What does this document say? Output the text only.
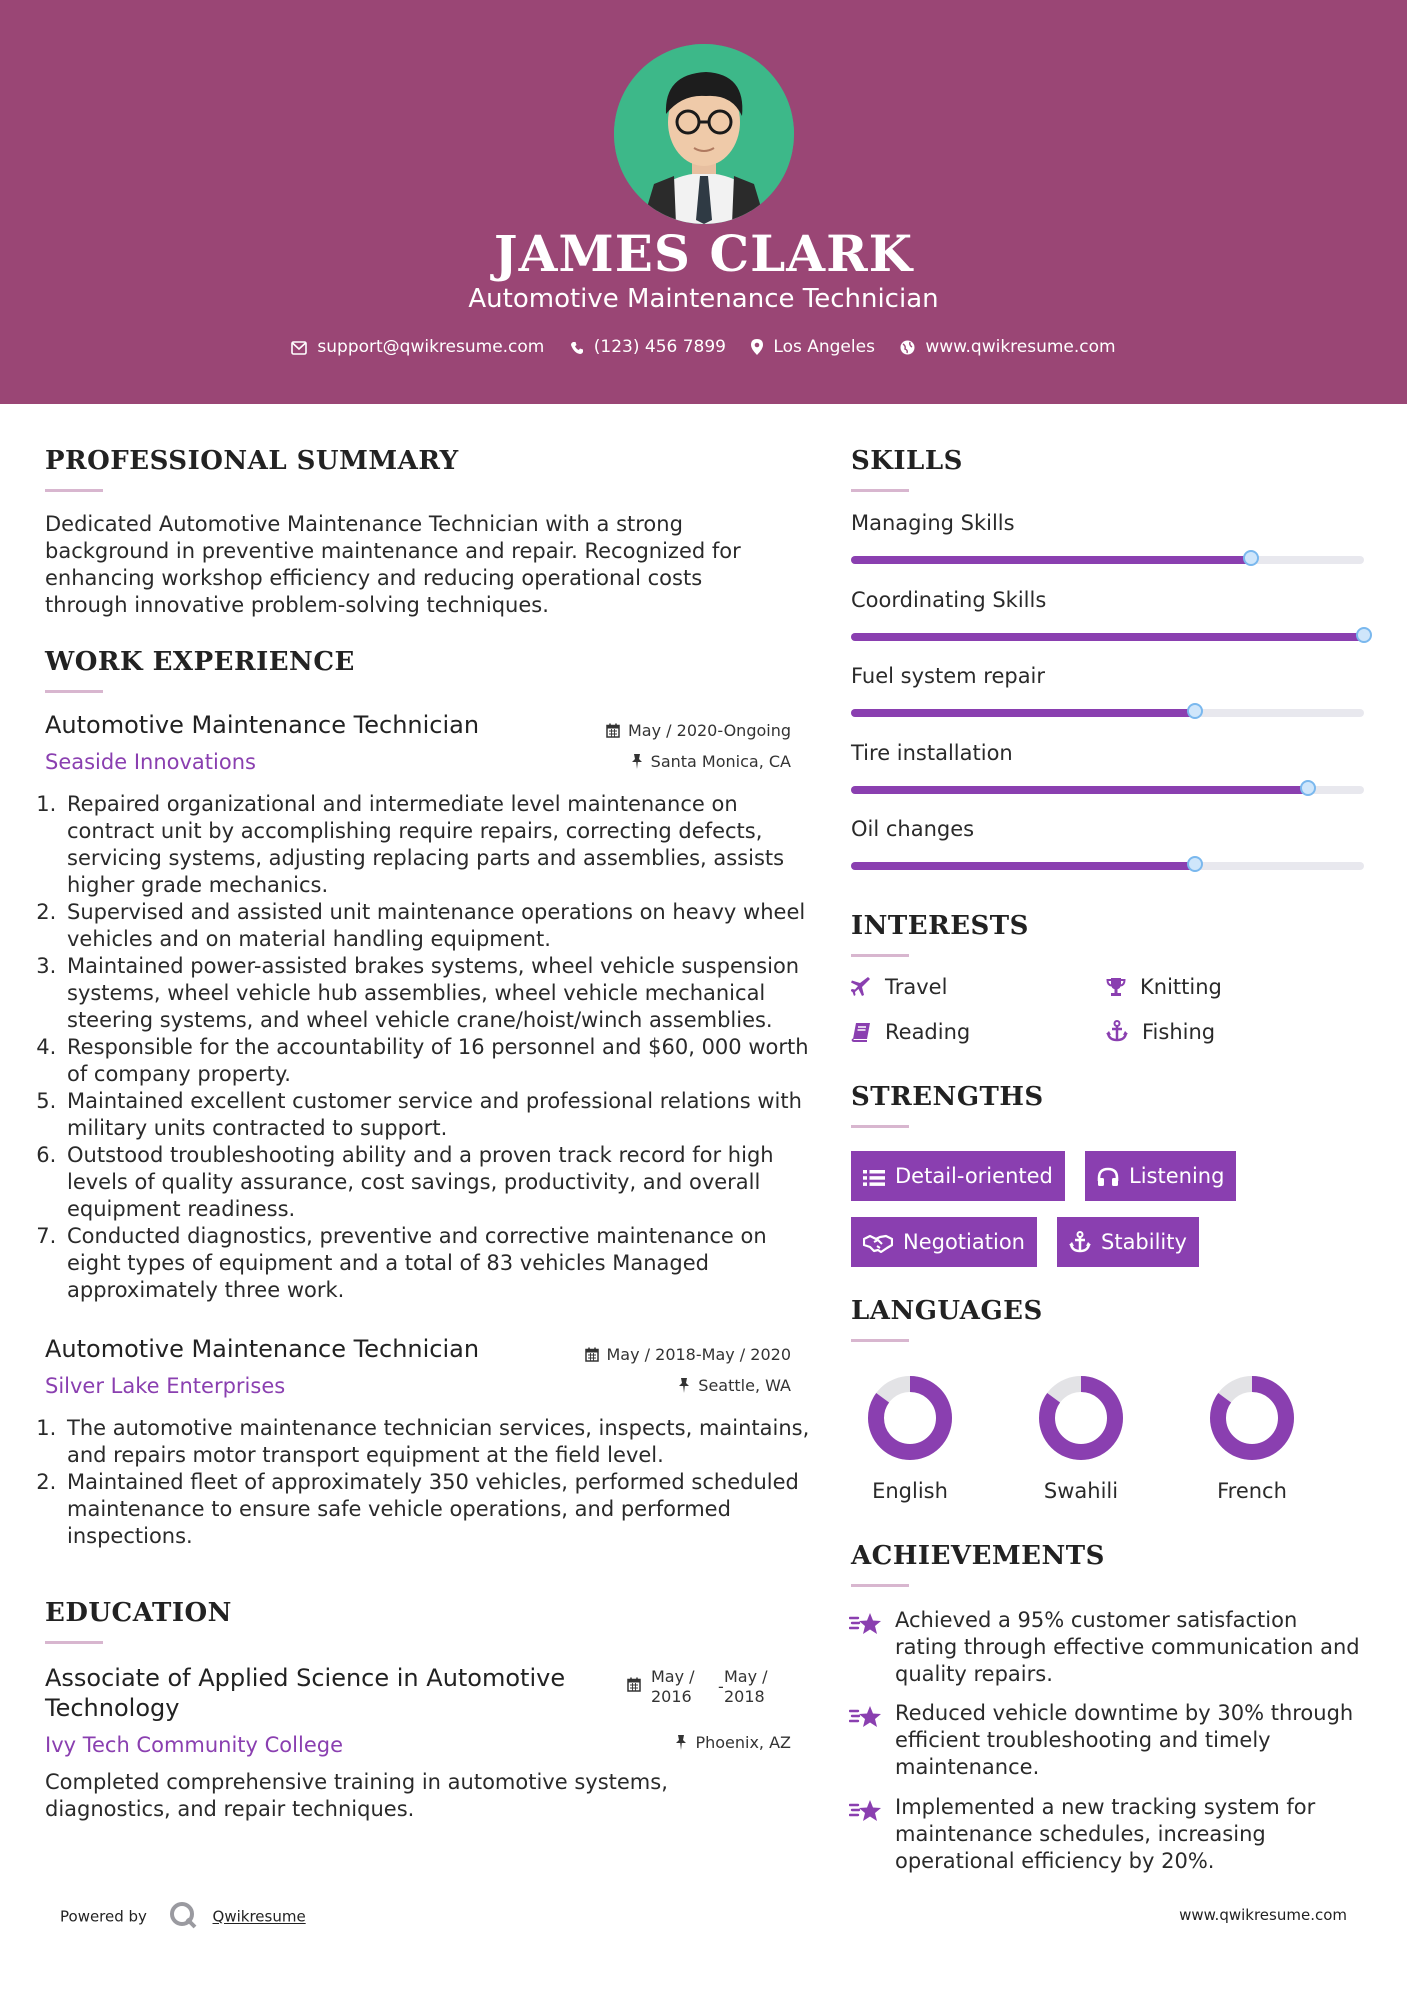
JAMES CLARK
Automotive Maintenance Technician
support@qwikresume.com	(123) 456 7899	Los Angeles	www.qwikresume.com
PROFESSIONAL SUMMARY
Dedicated Automotive Maintenance Technician with a strong background in preventive maintenance and repair. Recognized for enhancing workshop efficiency and reducing operational costs through innovative problem-solving techniques.
WORK EXPERIENCE
Automotive Maintenance Technician
Seaside Innovations
May / 2020-Ongoing
Santa Monica, CA
1. Repaired organizational and intermediate level maintenance on contract unit by accomplishing require repairs, correcting defects, servicing systems, adjusting replacing parts and assemblies, assists higher grade mechanics.
2. Supervised and assisted unit maintenance operations on heavy wheel vehicles and on material handling equipment.
3. Maintained power-assisted brakes systems, wheel vehicle suspension systems, wheel vehicle hub assemblies, wheel vehicle mechanical steering systems, and wheel vehicle crane/hoist/winch assemblies.
4. Responsible for the accountability of 16 personnel and $60, 000 worth of company property.
5. Maintained excellent customer service and professional relations with military units contracted to support.
6. Outstood troubleshooting ability and a proven track record for high levels of quality assurance, cost savings, productivity, and overall equipment readiness.
7. Conducted diagnostics, preventive and corrective maintenance on eight types of equipment and a total of 83 vehicles Managed approximately three work.
Automotive Maintenance Technician
Silver Lake Enterprises
May / 2018-May / 2020
Seattle, WA
1. The automotive maintenance technician services, inspects, maintains, and repairs motor transport equipment at the field level.
2. Maintained fleet of approximately 350 vehicles, performed scheduled maintenance to ensure safe vehicle operations, and performed inspections.
EDUCATION
Associate of Applied Science in Automotive
Technology
Ivy Tech Community College
May /
2016
-
May /
2018
Phoenix, AZ
Completed comprehensive training in automotive systems, diagnostics, and repair techniques.
SKILLS
Managing Skills
Coordinating Skills
Fuel system repair
Tire installation
Oil changes
INTERESTS
Travel	Knitting
Reading	Fishing
STRENGTHS
Detail-oriented	Listening
Negotiation	Stability
LANGUAGES
English	Swahili	French
ACHIEVEMENTS
Achieved a 95% customer satisfaction rating through effective communication and quality repairs.
Reduced vehicle downtime by 30% through efficient troubleshooting and timely maintenance.
Implemented a new tracking system for maintenance schedules, increasing operational efficiency by 20%.
Powered by	Qwikresume	www.qwikresume.com
